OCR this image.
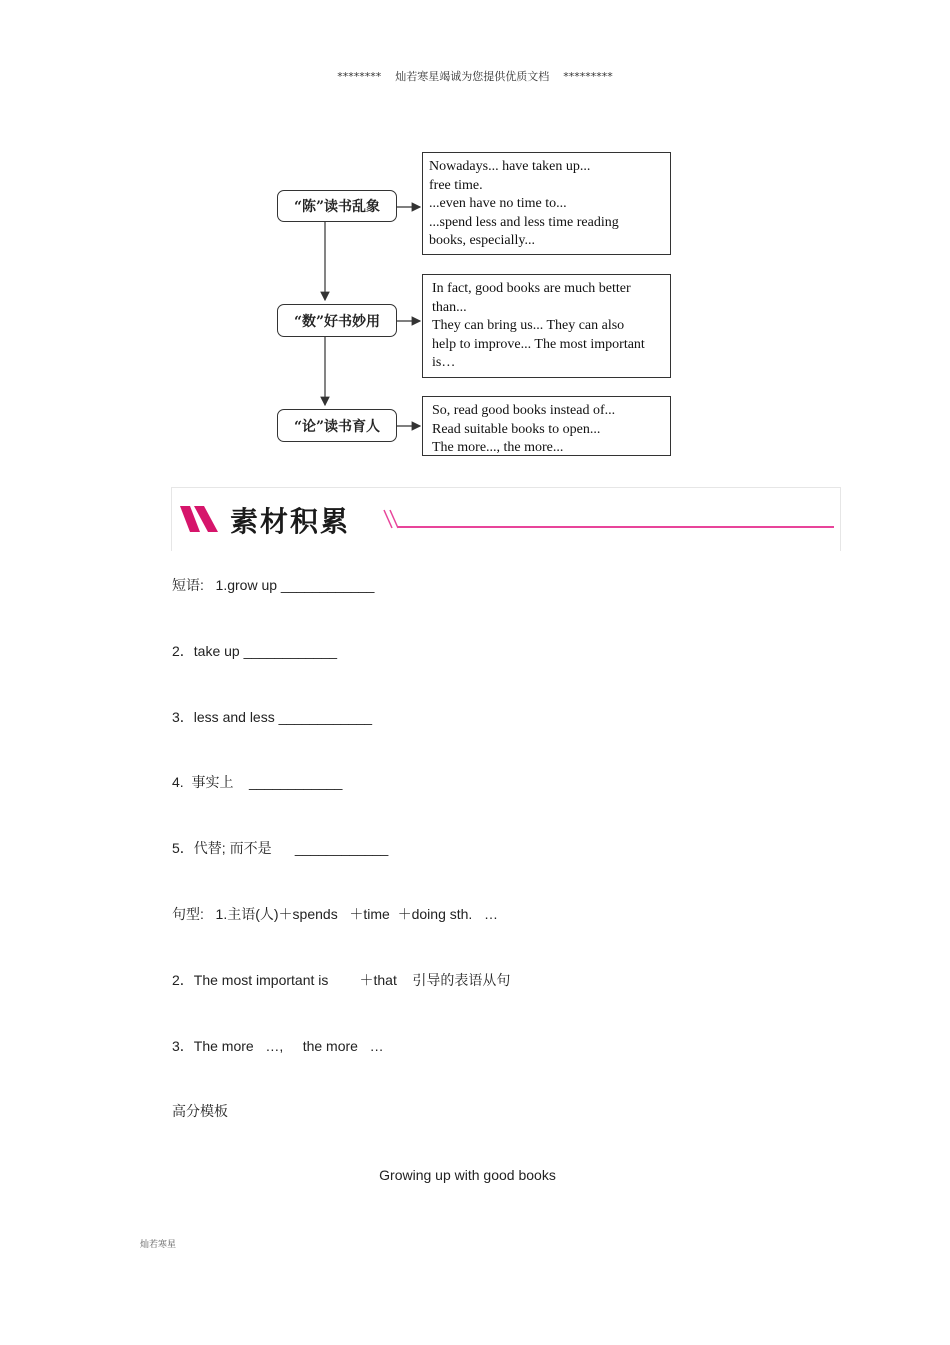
********    灿若寒星竭诚为您提供优质文档    *********
“陈”读书乱象
“数”好书妙用
“论”读书育人
Nowadays... have taken up...
free time.
...even have no time to...
...spend less and less time reading
books, especially...
In fact, good books are much better
than...
They can bring us... They can also
help to improve... The most important
is…
So, read good books instead of...
Read suitable books to open...
The more..., the more...
素材积累
短语:   1.grow up ____________
2．take up ____________
3．less and less ____________
4.  事实上    ____________
5．代替; 而不是      ____________
句型:   1.主语(人)＋spends   ＋time  ＋doing sth.   …
2．The most important is        ＋that    引导的表语从句
3．The more   …,     the more   …
高分模板
Growing up with good books
灿若寒星
